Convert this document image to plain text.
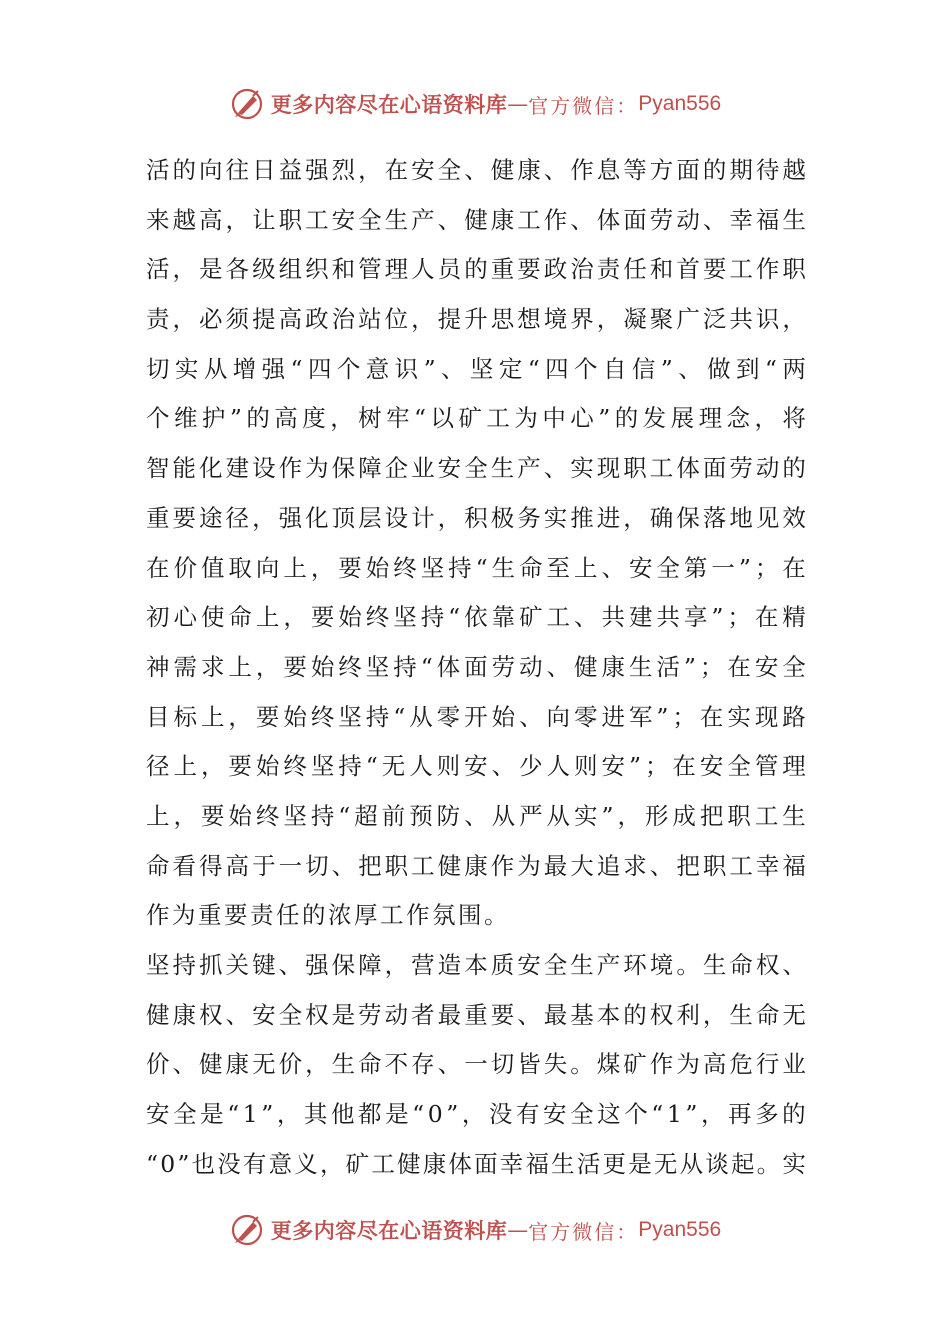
更多内容尽在心语资料库 — 官方微信： Pyan556
活 的 向 往 日 益 强 烈 ， 在 安 全 、 健 康 、 作 息 等 方 面 的 期 待 越
来 越 高 ， 让 职 工 安 全 生 产 、 健 康 工 作 、 体 面 劳 动 、 幸 福 生
活 ， 是 各 级 组 织 和 管 理 人 员 的 重 要 政 治 责 任 和 首 要 工 作 职
责 ， 必 须 提 高 政 治 站 位 ， 提 升 思 想 境 界 ， 凝 聚 广 泛 共 识 ，
切 实 从 增 强 “ 四 个 意 识 ” 、 坚 定 “ 四 个 自 信 ” 、 做 到 “ 两
个 维 护 ” 的 高 度 ， 树 牢 “ 以 矿 工 为 中 心 ” 的 发 展 理 念 ， 将
智 能 化 建 设 作 为 保 障 企 业 安 全 生 产 、 实 现 职 工 体 面 劳 动 的
重 要 途 径 ， 强 化 顶 层 设 计 ， 积 极 务 实 推 进 ， 确 保 落 地 见 效
在 价 值 取 向 上 ， 要 始 终 坚 持 “ 生 命 至 上 、 安 全 第 一 ” ； 在
初 心 使 命 上 ， 要 始 终 坚 持 “ 依 靠 矿 工 、 共 建 共 享 ” ； 在 精
神 需 求 上 ， 要 始 终 坚 持 “ 体 面 劳 动 、 健 康 生 活 ” ； 在 安 全
目 标 上 ， 要 始 终 坚 持 “ 从 零 开 始 、 向 零 进 军 ” ； 在 实 现 路
径 上 ， 要 始 终 坚 持 “ 无 人 则 安 、 少 人 则 安 ” ； 在 安 全 管 理
上 ， 要 始 终 坚 持 “ 超 前 预 防 、 从 严 从 实 ” ， 形 成 把 职 工 生
命 看 得 高 于 一 切 、 把 职 工 健 康 作 为 最 大 追 求 、 把 职 工 幸 福
作为重要责任的浓厚工作氛围。
坚 持 抓 关 键 、 强 保 障 ， 营 造 本 质 安 全 生 产 环 境 。 生 命 权 、
健 康 权 、 安 全 权 是 劳 动 者 最 重 要 、 最 基 本 的 权 利 ， 生 命 无
价 、 健 康 无 价 ， 生 命 不 存 、 一 切 皆 失 。 煤 矿 作 为 高 危 行 业
安 全 是 “ 1 ” ， 其 他 都 是 “ 0 ” ， 没 有 安 全 这 个 “ 1 ” ， 再 多 的
“ 0 ” 也 没 有 意 义 ， 矿 工 健 康 体 面 幸 福 生 活 更 是 无 从 谈 起 。 实
更多内容尽在心语资料库 — 官方微信： Pyan556
